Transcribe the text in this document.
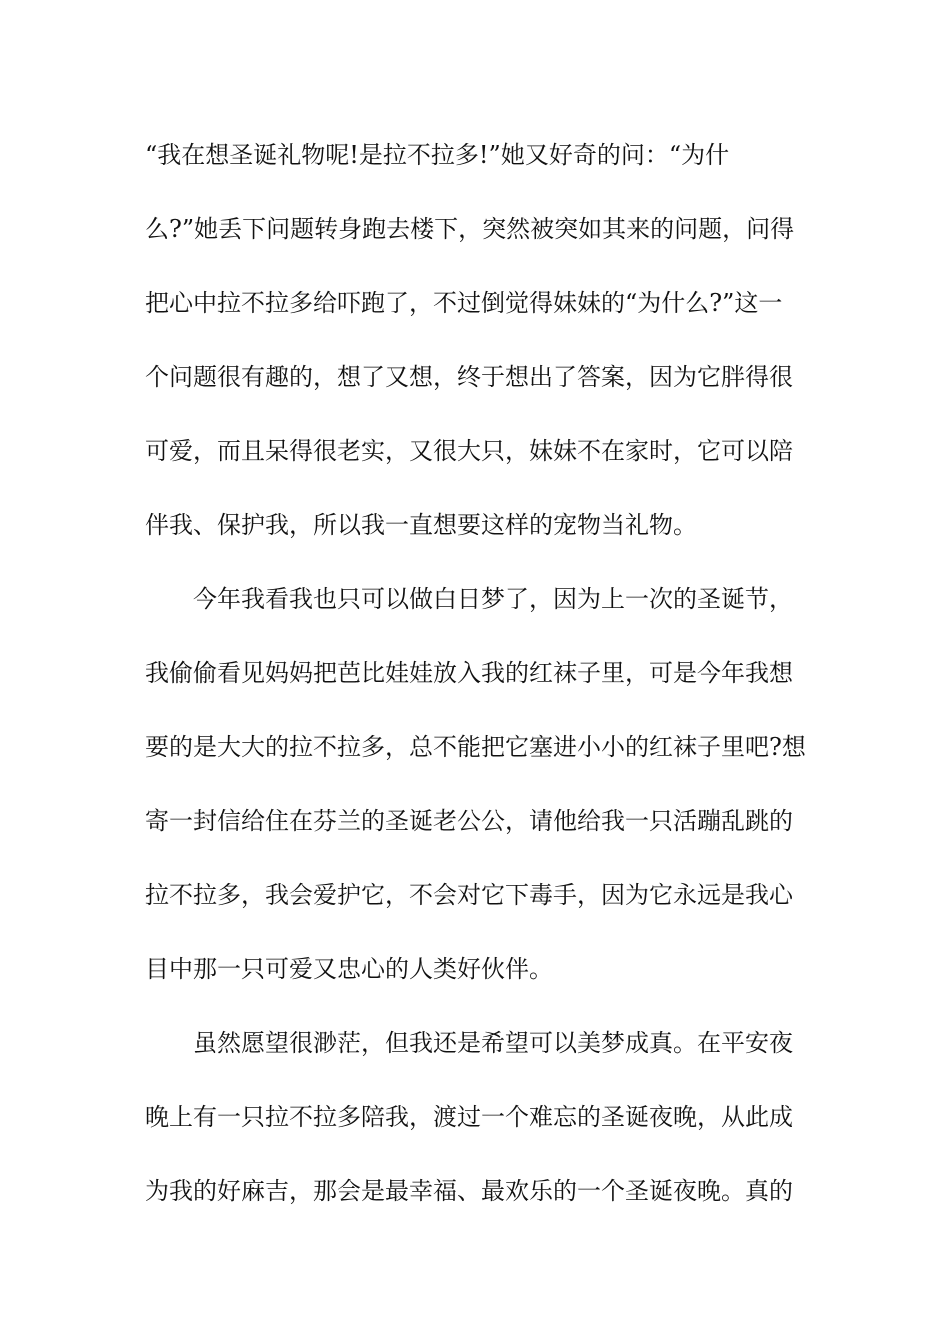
“我在想圣诞礼物呢!是拉不拉多!”她又好奇的问：“为什
么?”她丢下问题转身跑去楼下，突然被突如其来的问题，问得
把心中拉不拉多给吓跑了，不过倒觉得妹妹的“为什么?”这一
个问题很有趣的，想了又想，终于想出了答案，因为它胖得很
可爱，而且呆得很老实，又很大只，妹妹不在家时，它可以陪
伴我、保护我，所以我一直想要这样的宠物当礼物。
今年我看我也只可以做白日梦了，因为上一次的圣诞节，
我偷偷看见妈妈把芭比娃娃放入我的红袜子里，可是今年我想
要的是大大的拉不拉多，总不能把它塞进小小的红袜子里吧?想
寄一封信给住在芬兰的圣诞老公公，请他给我一只活蹦乱跳的
拉不拉多，我会爱护它，不会对它下毒手，因为它永远是我心
目中那一只可爱又忠心的人类好伙伴。
虽然愿望很渺茫，但我还是希望可以美梦成真。在平安夜
晚上有一只拉不拉多陪我，渡过一个难忘的圣诞夜晚，从此成
为我的好麻吉，那会是最幸福、最欢乐的一个圣诞夜晚。真的
